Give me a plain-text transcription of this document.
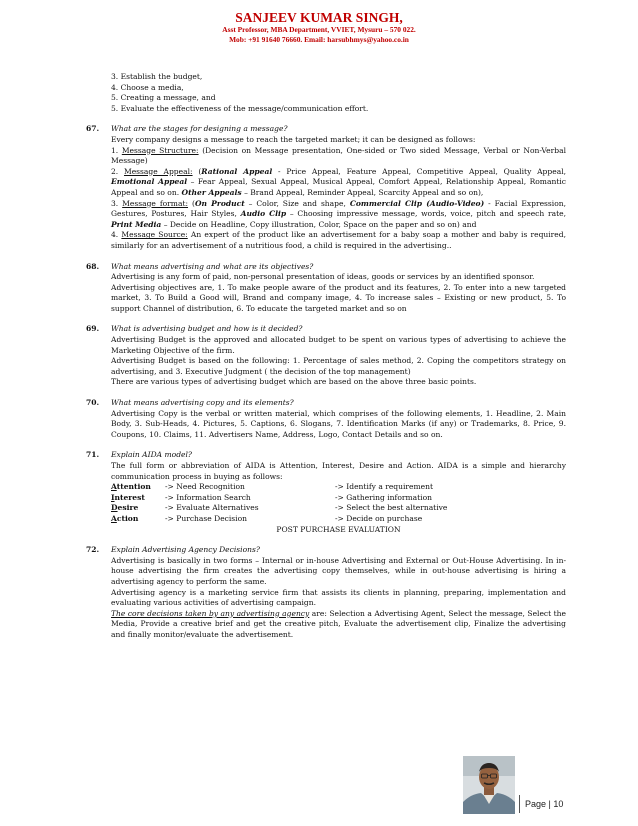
SANJEEV KUMAR SINGH,
Asst Professor, MBA Department, VVIET, Mysuru – 570 022.
Mob: +91 91640 76660. Email: harsubhmys@yahoo.co.in

3. Establish the budget,

4. Choose a media,

5. Creating a message, and

5. Evaluate the effectiveness of the message/communication effort.

67. What are the stages for designing a message?

Every company designs a message to reach the targeted market; it can be designed as follows:

1. Message Structure: (Decision on Message presentation, One-sided or Two sided Message, Verbal or Non-Verbal Message)

2. Message Appeal: (Rational Appeal - Price Appeal, Feature Appeal, Competitive Appeal, Quality Appeal, Emotional Appeal – Fear Appeal, Sexual Appeal, Musical Appeal, Comfort Appeal, Relationship Appeal, Romantic Appeal and so on. Other Appeals – Brand Appeal, Reminder Appeal, Scarcity Appeal and so on),

3. Message format: (On Product – Color, Size and shape, Commercial Clip (Audio-Video) - Facial Expression, Gestures, Postures, Hair Styles, Audio Clip – Choosing impressive message, words, voice, pitch and speech rate, Print Media – Decide on Headline, Copy illustration, Color, Space on the paper and so on) and

4. Message Source: An expert of the product like an advertisement for a baby soap a mother and baby is required, similarly for an advertisement of a nutritious food, a child is required in the advertising..

68. What means advertising and what are its objectives?

Advertising is any form of paid, non-personal presentation of ideas, goods or services by an identified sponsor.

Advertising objectives are, 1. To make people aware of the product and its features, 2. To enter into a new targeted market, 3. To Build a Good will, Brand and company image, 4. To increase sales – Existing or new product, 5. To support Channel of distribution, 6. To educate the targeted market and so on

69. What is advertising budget and how is it decided?

Advertising Budget is the approved and allocated budget to be spent on various types of advertising to achieve the Marketing Objective of the firm.

Advertising Budget is based on the following: 1. Percentage of sales method, 2. Coping the competitors strategy on advertising, and 3. Executive Judgment ( the decision of the top management)

There are various types of advertising budget which are based on the above three basic points.

70. What means advertising copy and its elements?

Advertising Copy is the verbal or written material, which comprises of the following elements, 1. Headline, 2. Main Body, 3. Sub-Heads, 4. Pictures, 5. Captions, 6. Slogans, 7. Identification Marks (if any) or Trademarks, 8. Price, 9. Coupons, 10. Claims, 11. Advertisers Name, Address, Logo, Contact Details and so on.

71. Explain AIDA model?

The full form or abbreviation of AIDA is Attention, Interest, Desire and Action. AIDA is a simple and hierarchy communication process in buying as follows:

Attention	-> Need Recognition	-> Identify a requirement
Interest	-> Information Search	-> Gathering information
Desire	-> Evaluate Alternatives	-> Select the best alternative
Action	-> Purchase Decision	-> Decide on purchase

POST PURCHASE EVALUATION

72. Explain Advertising Agency Decisions?

Advertising is basically in two forms – Internal or in-house Advertising and External or Out-House Advertising. In in-house advertising the firm creates the advertising copy themselves, while in out-house advertising is hiring a advertising agency to perform the same.

Advertising agency is a marketing service firm that assists its clients in planning, preparing, implementation and evaluating various activities of advertising campaign.

The core decisions taken by any advertising agency are: Selection a Advertising Agent, Select the message, Select the Media, Provide a creative brief and get the creative pitch, Evaluate the advertisement clip, Finalize the advertising and finally monitor/evaluate the advertisement.

Page | 10
